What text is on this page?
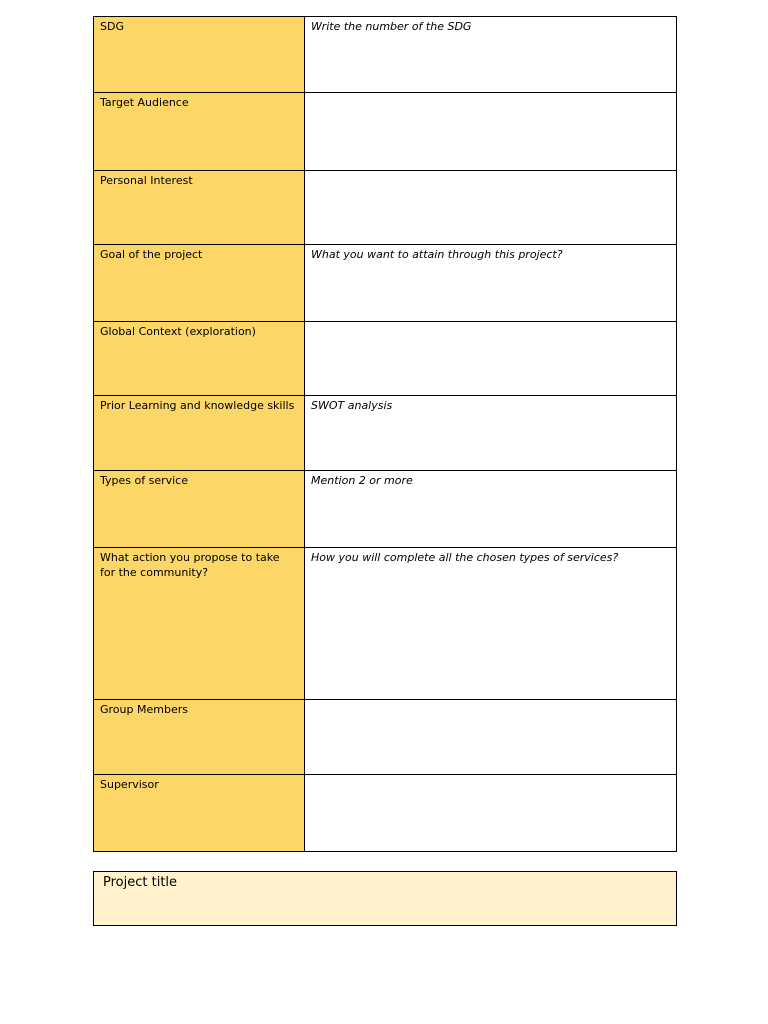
SDG	Write the number of the SDG

Target Audience	

Personal Interest	

Goal of the project	What you want to attain through this project?

Global Context (exploration)	

Prior Learning and knowledge skills	SWOT analysis

Types of service	Mention 2 or more

What action you propose to take for the community?	How you will complete all the chosen types of services?

Group Members	

Supervisor	

Project title
